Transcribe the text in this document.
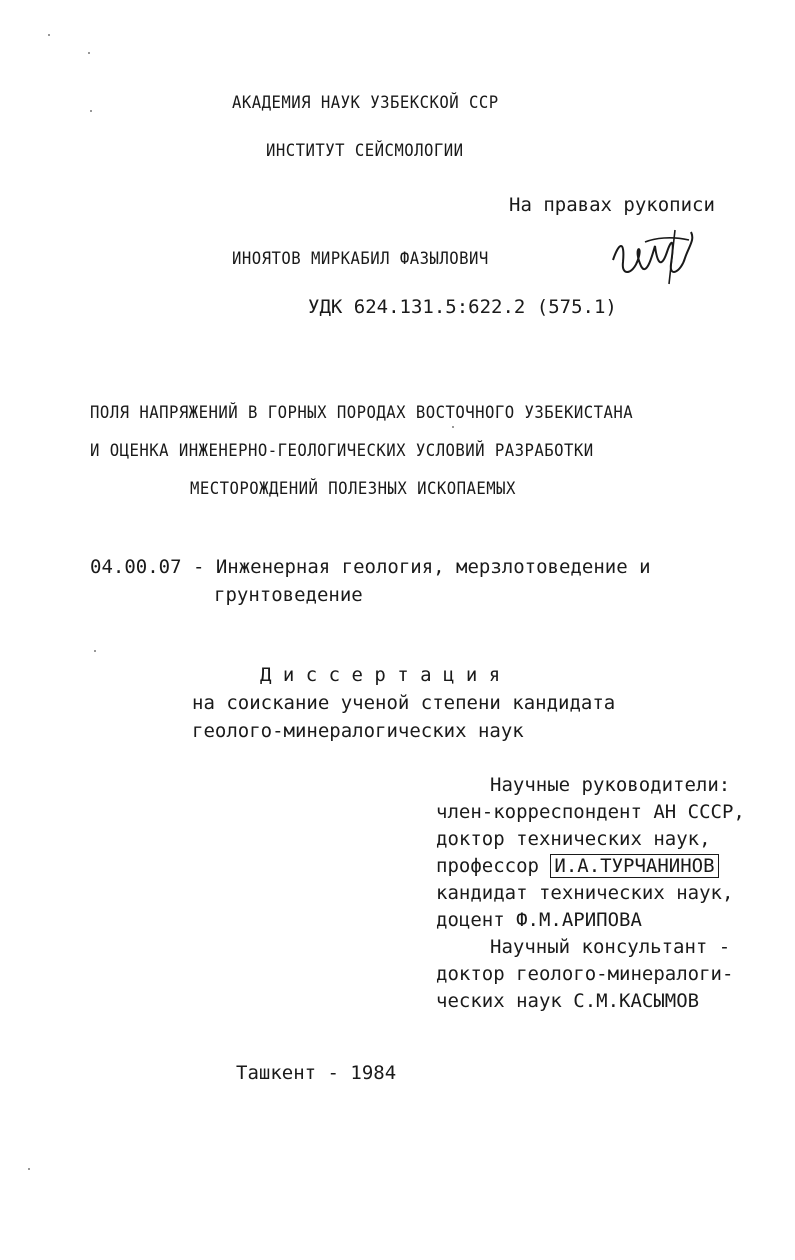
АКАДЕМИЯ НАУК УЗБЕКСКОЙ ССР
ИНСТИТУТ СЕЙСМОЛОГИИ
На правах рукописи
ИНОЯТОВ МИРКАБИЛ ФАЗЫЛОВИЧ
УДК 624.131.5:622.2 (575.1)
ПОЛЯ НАПРЯЖЕНИЙ В ГОРНЫХ ПОРОДАХ ВОСТОЧНОГО УЗБЕКИСТАНА
И ОЦЕНКА ИНЖЕНЕРНО-ГЕОЛОГИЧЕСКИХ УСЛОВИЙ РАЗРАБОТКИ
МЕСТОРОЖДЕНИЙ ПОЛЕЗНЫХ ИСКОПАЕМЫХ
04.00.07 - Инженерная геология, мерзлотоведение и
грунтоведение
Д и с с е р т а ц и я
на соискание ученой степени кандидата
геолого-минералогических наук
Научные руководители:
член-корреспондент АН СССР,
доктор технических наук,
профессор И.А.ТУРЧАНИНОВ
кандидат технических наук,
доцент Ф.М.АРИПОВА
Научный консультант -
доктор геолого-минералоги-
ческих наук С.М.КАСЫМОВ
Ташкент - 1984
